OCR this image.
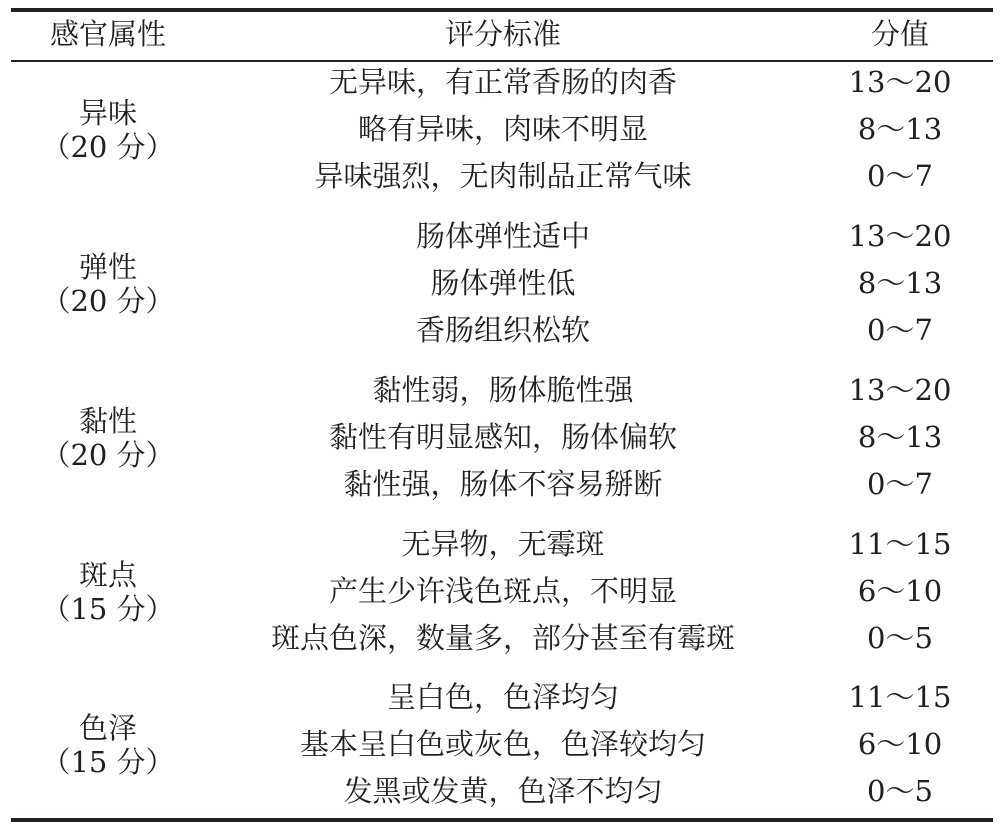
感官属性	评分标准	分值
异味
（20 分）
无异味，有正常香肠的肉香	13～20
略有异味，肉味不明显	8～13
异味强烈，无肉制品正常气味	0～7
弹性
（20 分）
肠体弹性适中	13～20
肠体弹性低	8～13
香肠组织松软	0～7
黏性
（20 分）
黏性弱，肠体脆性强	13～20
黏性有明显感知，肠体偏软	8～13
黏性强，肠体不容易掰断	0～7
斑点
（15 分）
无异物，无霉斑	11～15
产生少许浅色斑点，不明显	6～10
斑点色深，数量多，部分甚至有霉斑	0～5
色泽
（15 分）
呈白色，色泽均匀	11～15
基本呈白色或灰色，色泽较均匀	6～10
发黑或发黄，色泽不均匀	0～5
